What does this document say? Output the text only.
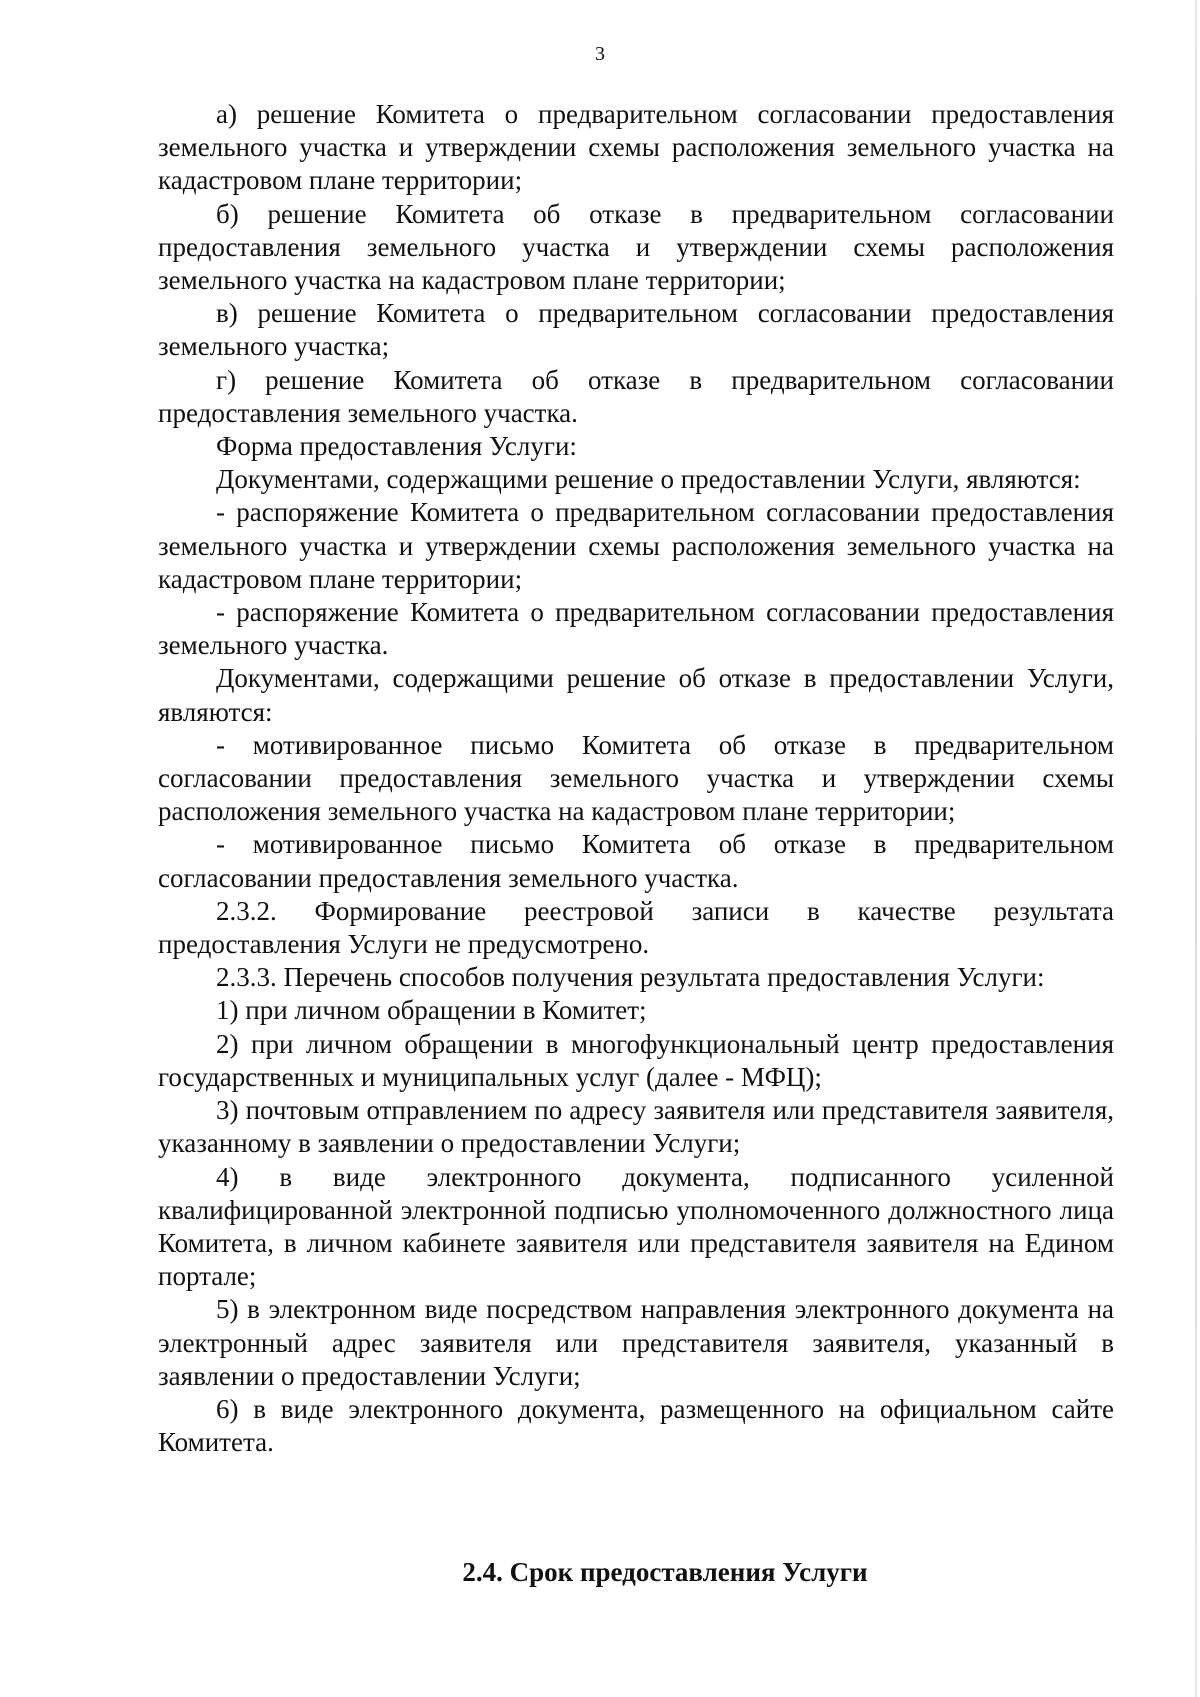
3

а) решение Комитета о предварительном согласовании предоставления земельного участка и утверждении схемы расположения земельного участка на кадастровом плане территории;

б) решение Комитета об отказе в предварительном согласовании предоставления земельного участка и утверждении схемы расположения земельного участка на кадастровом плане территории;

в) решение Комитета о предварительном согласовании предоставления земельного участка;

г) решение Комитета об отказе в предварительном согласовании предоставления земельного участка.

Форма предоставления Услуги:

Документами, содержащими решение о предоставлении Услуги, являются:

- распоряжение Комитета о предварительном согласовании предоставления земельного участка и утверждении схемы расположения земельного участка на кадастровом плане территории;

- распоряжение Комитета о предварительном согласовании предоставления земельного участка.

Документами, содержащими решение об отказе в предоставлении Услуги, являются:

- мотивированное письмо Комитета об отказе в предварительном согласовании предоставления земельного участка и утверждении схемы расположения земельного участка на кадастровом плане территории;

- мотивированное письмо Комитета об отказе в предварительном согласовании предоставления земельного участка.

2.3.2. Формирование реестровой записи в качестве результата предоставления Услуги не предусмотрено.

2.3.3. Перечень способов получения результата предоставления Услуги:

1) при личном обращении в Комитет;

2) при личном обращении в многофункциональный центр предоставления государственных и муниципальных услуг (далее - МФЦ);

3) почтовым отправлением по адресу заявителя или представителя заявителя, указанному в заявлении о предоставлении Услуги;

4) в виде электронного документа, подписанного усиленной квалифицированной электронной подписью уполномоченного должностного лица Комитета, в личном кабинете заявителя или представителя заявителя на Едином портале;

5) в электронном виде посредством направления электронного документа на электронный адрес заявителя или представителя заявителя, указанный в заявлении о предоставлении Услуги;

6) в виде электронного документа, размещенного на официальном сайте Комитета.

2.4. Срок предоставления Услуги
